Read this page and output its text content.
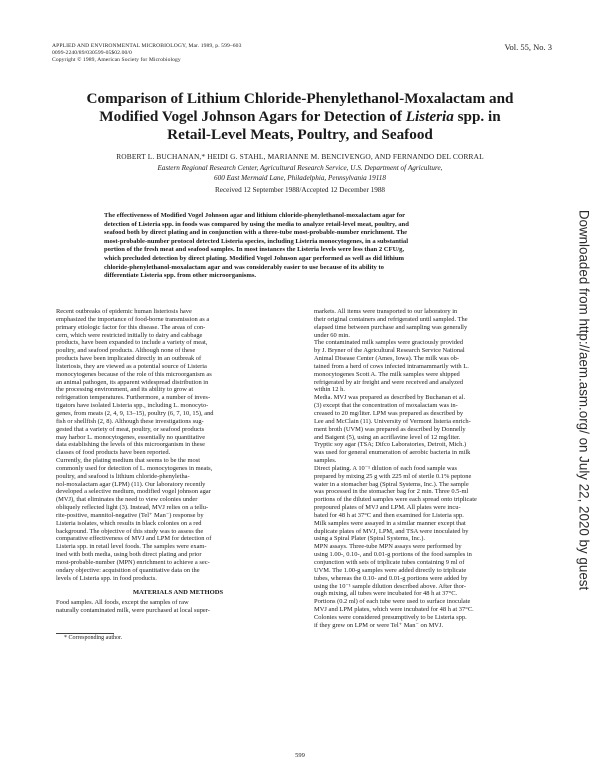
APPLIED AND ENVIRONMENTAL MICROBIOLOGY, Mar. 1989, p. 599–603
0099-2240/89/030599-05$02.00/0
Copyright © 1989, American Society for Microbiology
Vol. 55, No. 3
Comparison of Lithium Chloride-Phenylethanol-Moxalactam and
Modified Vogel Johnson Agars for Detection of Listeria spp. in
Retail-Level Meats, Poultry, and Seafood
ROBERT L. BUCHANAN,* HEIDI G. STAHL, MARIANNE M. BENCIVENGO, AND FERNANDO DEL CORRAL
Eastern Regional Research Center, Agricultural Research Service, U.S. Department of Agriculture,
600 East Mermaid Lane, Philadelphia, Pennsylvania 19118
Received 12 September 1988/Accepted 12 December 1988
The effectiveness of Modified Vogel Johnson agar and lithium chloride-phenylethanol-moxalactam agar for
detection of Listeria spp. in foods was compared by using the media to analyze retail-level meat, poultry, and
seafood both by direct plating and in conjunction with a three-tube most-probable-number enrichment. The
most-probable-number protocol detected Listeria species, including Listeria monocytogenes, in a substantial
portion of the fresh meat and seafood samples. In most instances the Listeria levels were less than 2 CFU/g,
which precluded detection by direct plating. Modified Vogel Johnson agar performed as well as did lithium
chloride-phenylethanol-moxalactam agar and was considerably easier to use because of its ability to
differentiate Listeria spp. from other microorganisms.
Recent outbreaks of epidemic human listeriosis have
emphasized the importance of food-borne transmission as a
primary etiologic factor for this disease. The areas of con-
cern, which were restricted initially to dairy and cabbage
products, have been expanded to include a variety of meat,
poultry, and seafood products. Although none of these
products have been implicated directly in an outbreak of
listeriosis, they are viewed as a potential source of Listeria
monocytogenes because of the role of this microorganism as
an animal pathogen, its apparent widespread distribution in
the processing environment, and its ability to grow at
refrigeration temperatures. Furthermore, a number of inves-
tigators have isolated Listeria spp., including L. monocyto-
genes, from meats (2, 4, 9, 13–15), poultry (6, 7, 10, 15), and
fish or shellfish (2, 8). Although these investigations sug-
gested that a variety of meat, poultry, or seafood products
may harbor L. monocytogenes, essentially no quantitative
data establishing the levels of this microorganism in these
classes of food products have been reported.
Currently, the plating medium that seems to be the most
commonly used for detection of L. monocytogenes in meats,
poultry, and seafood is lithium chloride-phenyletha-
nol-moxalactam agar (LPM) (11). Our laboratory recently
developed a selective medium, modified vogel johnson agar
(MVJ), that eliminates the need to view colonies under
obliquely reflected light (3). Instead, MVJ relies on a tellu-
rite-positive, mannitol-negative (Tel⁺ Man⁻) response by
Listeria isolates, which results in black colonies on a red
background. The objective of this study was to assess the
comparative effectiveness of MVJ and LPM for detection of
Listeria spp. in retail level foods. The samples were exam-
ined with both media, using both direct plating and prior
most-probable-number (MPN) enrichment to achieve a sec-
ondary objective: acquisition of quantitative data on the
levels of Listeria spp. in food products.
MATERIALS AND METHODS
Food samples. All foods, except the samples of raw
naturally contaminated milk, were purchased at local super-
* Corresponding author.
markets. All items were transported to our laboratory in
their original containers and refrigerated until sampled. The
elapsed time between purchase and sampling was generally
under 60 min.
The contaminated milk samples were graciously provided
by J. Bryner of the Agricultural Research Service National
Animal Disease Center (Ames, Iowa). The milk was ob-
tained from a herd of cows infected intramammarily with L.
monocytogenes Scott A. The milk samples were shipped
refrigerated by air freight and were received and analyzed
within 12 h.
Media. MVJ was prepared as described by Buchanan et al.
(3) except that the concentration of moxalactam was in-
creased to 20 mg/liter. LPM was prepared as described by
Lee and McClain (11). University of Vermont listeria enrich-
ment broth (UVM) was prepared as described by Donnelly
and Baigent (5), using an acriflavine level of 12 mg/liter.
Tryptic soy agar (TSA; Difco Laboratories, Detroit, Mich.)
was used for general enumeration of aerobic bacteria in milk
samples.
Direct plating. A 10⁻¹ dilution of each food sample was
prepared by mixing 25 g with 225 ml of sterile 0.1% peptone
water in a stomacher bag (Spiral Systems, Inc.). The sample
was processed in the stomacher bag for 2 min. Three 0.5-ml
portions of the diluted samples were each spread onto triplicate
prepoured plates of MVJ and LPM. All plates were incu-
bated for 48 h at 37°C and then examined for Listeria spp.
Milk samples were assayed in a similar manner except that
duplicate plates of MVJ, LPM, and TSA were inoculated by
using a Spiral Plater (Spiral Systems, Inc.).
MPN assays. Three-tube MPN assays were performed by
using 1.00-, 0.10-, and 0.01-g portions of the food samples in
conjunction with sets of triplicate tubes containing 9 ml of
UVM. The 1.00-g samples were added directly to triplicate
tubes, whereas the 0.10- and 0.01-g portions were added by
using the 10⁻¹ sample dilution described above. After thor-
ough mixing, all tubes were incubated for 48 h at 37°C.
Portions (0.2 ml) of each tube were used to surface inoculate
MVJ and LPM plates, which were incubated for 48 h at 37°C.
Colonies were considered presumptively to be Listeria spp.
if they grew on LPM or were Tel⁺ Man⁻ on MVJ.
599
Downloaded from http://aem.asm.org/ on July 22, 2020 by guest
